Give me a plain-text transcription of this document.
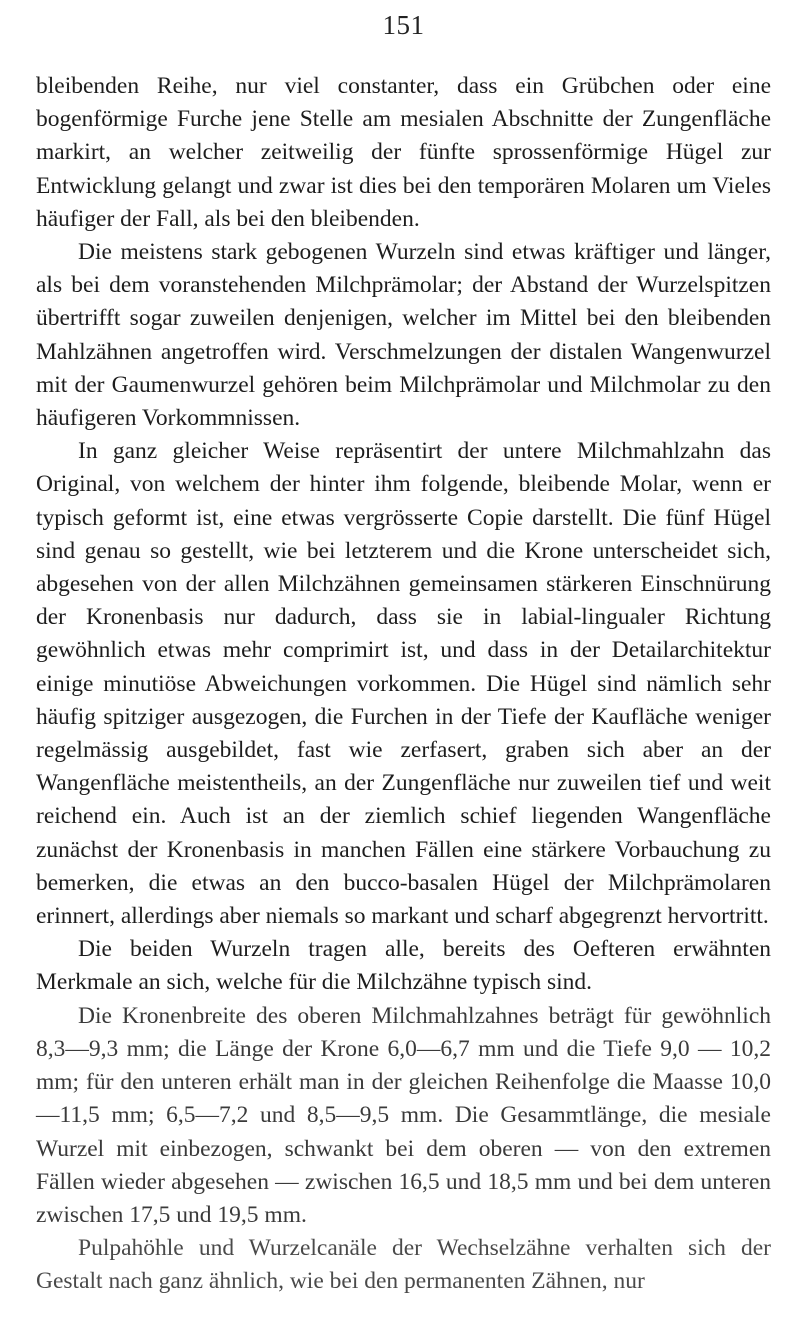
151

bleibenden Reihe, nur viel constanter, dass ein Grübchen oder eine bogenförmige Furche jene Stelle am mesialen Abschnitte der Zungenfläche markirt, an welcher zeitweilig der fünfte sprossenförmige Hügel zur Entwicklung gelangt und zwar ist dies bei den temporären Molaren um Vieles häufiger der Fall, als bei den bleibenden.

Die meistens stark gebogenen Wurzeln sind etwas kräftiger und länger, als bei dem voranstehenden Milchprämolar; der Abstand der Wurzelspitzen übertrifft sogar zuweilen denjenigen, welcher im Mittel bei den bleibenden Mahlzähnen angetroffen wird. Verschmelzungen der distalen Wangenwurzel mit der Gaumenwurzel gehören beim Milchprämolar und Milchmolar zu den häufigeren Vorkommnissen.

In ganz gleicher Weise repräsentirt der untere Milchmahlzahn das Original, von welchem der hinter ihm folgende, bleibende Molar, wenn er typisch geformt ist, eine etwas vergrösserte Copie darstellt. Die fünf Hügel sind genau so gestellt, wie bei letzterem und die Krone unterscheidet sich, abgesehen von der allen Milchzähnen gemeinsamen stärkeren Einschnürung der Kronenbasis nur dadurch, dass sie in labial-lingualer Richtung gewöhnlich etwas mehr comprimirt ist, und dass in der Detailarchitektur einige minutiöse Abweichungen vorkommen. Die Hügel sind nämlich sehr häufig spitziger ausgezogen, die Furchen in der Tiefe der Kaufläche weniger regelmässig ausgebildet, fast wie zerfasert, graben sich aber an der Wangenfläche meistentheils, an der Zungenfläche nur zuweilen tief und weit reichend ein. Auch ist an der ziemlich schief liegenden Wangenfläche zunächst der Kronenbasis in manchen Fällen eine stärkere Vorbauchung zu bemerken, die etwas an den bucco-basalen Hügel der Milchprämolaren erinnert, allerdings aber niemals so markant und scharf abgegrenzt hervortritt.

Die beiden Wurzeln tragen alle, bereits des Oefteren erwähnten Merkmale an sich, welche für die Milchzähne typisch sind.

Die Kronenbreite des oberen Milchmahlzahnes beträgt für gewöhnlich 8,3—9,3 mm; die Länge der Krone 6,0—6,7 mm und die Tiefe 9,0 — 10,2 mm; für den unteren erhält man in der gleichen Reihenfolge die Maasse 10,0—11,5 mm; 6,5—7,2 und 8,5—9,5 mm. Die Gesammtlänge, die mesiale Wurzel mit einbezogen, schwankt bei dem oberen — von den extremen Fällen wieder abgesehen — zwischen 16,5 und 18,5 mm und bei dem unteren zwischen 17,5 und 19,5 mm.

Pulpahöhle und Wurzelcanäle der Wechselzähne verhalten sich der Gestalt nach ganz ähnlich, wie bei den permanenten Zähnen, nur
